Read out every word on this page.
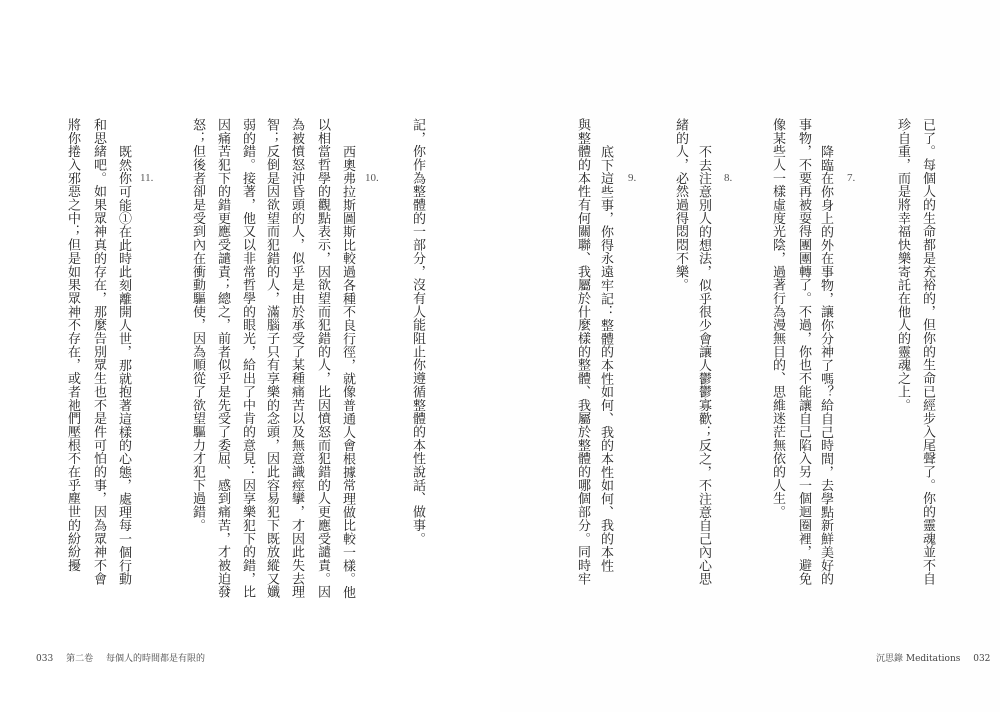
記，你作為整體的一部分，沒有人能阻止你遵循整體的本性說話、做事。
10.
西奧弗拉斯圖斯比較過各種不良行徑，就像普通人會根據常理做比較一樣。他
以相當哲學的觀點表示，因欲望而犯錯的人，比因憤怒而犯錯的人更應受譴責。因
為被憤怒沖昏頭的人，似乎是由於承受了某種痛苦以及無意識痙攣，才因此失去理
智；反倒是因欲望而犯錯的人，滿腦子只有享樂的念頭，因此容易犯下既放縱又孅
弱的錯。接著，他又以非常哲學的眼光，給出了中肯的意見：因享樂犯下的錯，比
因痛苦犯下的錯更應受譴責；總之，前者似乎是先受了委屈、感到痛苦，才被迫發
怒；但後者卻是受到內在衝動驅使，因為順從了欲望驅力才犯下過錯。
11.
既然你可能①在此時此刻離開人世，那就抱著這樣的心態，處理每一個行動
和思緒吧。如果眾神真的存在，那麼告別眾生也不是件可怕的事，因為眾神不會
將你捲入邪惡之中；但是如果眾神不存在，或者祂們壓根不在乎塵世的紛紛擾
033 第二卷 每個人的時間都是有限的
已了。每個人的生命都是充裕的，但你的生命已經步入尾聲了。你的靈魂並不自
珍自重，而是將幸福快樂寄託在他人的靈魂之上。
7.
降臨在你身上的外在事物，讓你分神了嗎？給自己時間，去學點新鮮美好的
事物，不要再被耍得團團轉了。不過，你也不能讓自己陷入另一個迴圈裡，避免
像某些人一樣虛度光陰，過著行為漫無目的、思維迷茫無依的人生。
8.
不去注意別人的想法，似乎很少會讓人鬱鬱寡歡；反之，不注意自己內心思
緒的人，必然過得悶悶不樂。
9.
底下這些事，你得永遠牢記：整體的本性如何、我的本性如何、我的本性
與整體的本性有何關聯、我屬於什麼樣的整體、我屬於整體的哪個部分。同時牢
沉思錄 Meditations 032
